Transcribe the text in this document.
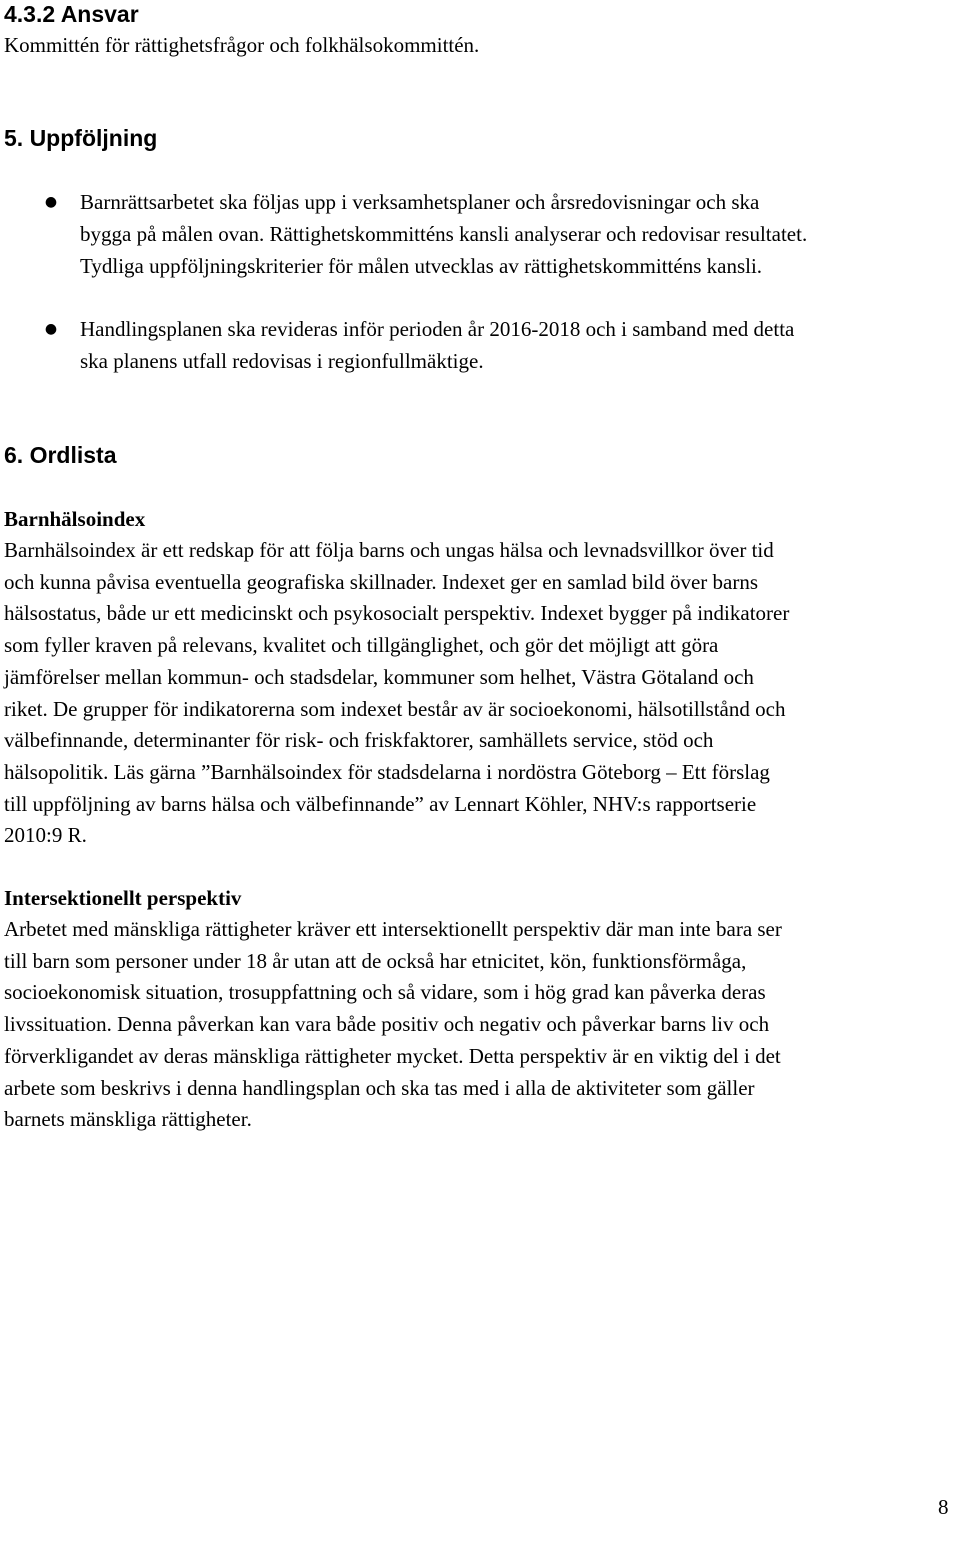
4.3.2 Ansvar
Kommittén för rättighetsfrågor och folkhälsokommittén.
5. Uppföljning
● Barnrättsarbetet ska följas upp i verksamhetsplaner och årsredovisningar och ska
bygga på målen ovan. Rättighetskommitténs kansli analyserar och redovisar resultatet.
Tydliga uppföljningskriterier för målen utvecklas av rättighetskommitténs kansli.
● Handlingsplanen ska revideras inför perioden år 2016-2018 och i samband med detta
ska planens utfall redovisas i regionfullmäktige.
6. Ordlista
Barnhälsoindex
Barnhälsoindex är ett redskap för att följa barns och ungas hälsa och levnadsvillkor över tid
och kunna påvisa eventuella geografiska skillnader. Indexet ger en samlad bild över barns
hälsostatus, både ur ett medicinskt och psykosocialt perspektiv. Indexet bygger på indikatorer
som fyller kraven på relevans, kvalitet och tillgänglighet, och gör det möjligt att göra
jämförelser mellan kommun- och stadsdelar, kommuner som helhet, Västra Götaland och
riket. De grupper för indikatorerna som indexet består av är socioekonomi, hälsotillstånd och
välbefinnande, determinanter för risk- och friskfaktorer, samhällets service, stöd och
hälsopolitik. Läs gärna ”Barnhälsoindex för stadsdelarna i nordöstra Göteborg – Ett förslag
till uppföljning av barns hälsa och välbefinnande” av Lennart Köhler, NHV:s rapportserie
2010:9 R.
Intersektionellt perspektiv
Arbetet med mänskliga rättigheter kräver ett intersektionellt perspektiv där man inte bara ser
till barn som personer under 18 år utan att de också har etnicitet, kön, funktionsförmåga,
socioekonomisk situation, trosuppfattning och så vidare, som i hög grad kan påverka deras
livssituation. Denna påverkan kan vara både positiv och negativ och påverkar barns liv och
förverkligandet av deras mänskliga rättigheter mycket. Detta perspektiv är en viktig del i det
arbete som beskrivs i denna handlingsplan och ska tas med i alla de aktiviteter som gäller
barnets mänskliga rättigheter.
8
